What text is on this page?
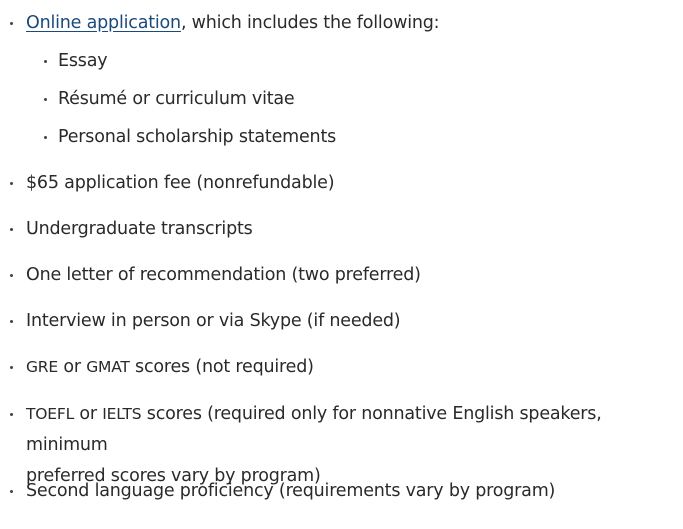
Online application, which includes the following:
Essay
Résumé or curriculum vitae
Personal scholarship statements
$65 application fee (nonrefundable)
Undergraduate transcripts
One letter of recommendation (two preferred)
Interview in person or via Skype (if needed)
GRE or GMAT scores (not required)
TOEFL or IELTS scores (required only for nonnative English speakers, minimum
preferred scores vary by program)
Second language proficiency (requirements vary by program)
